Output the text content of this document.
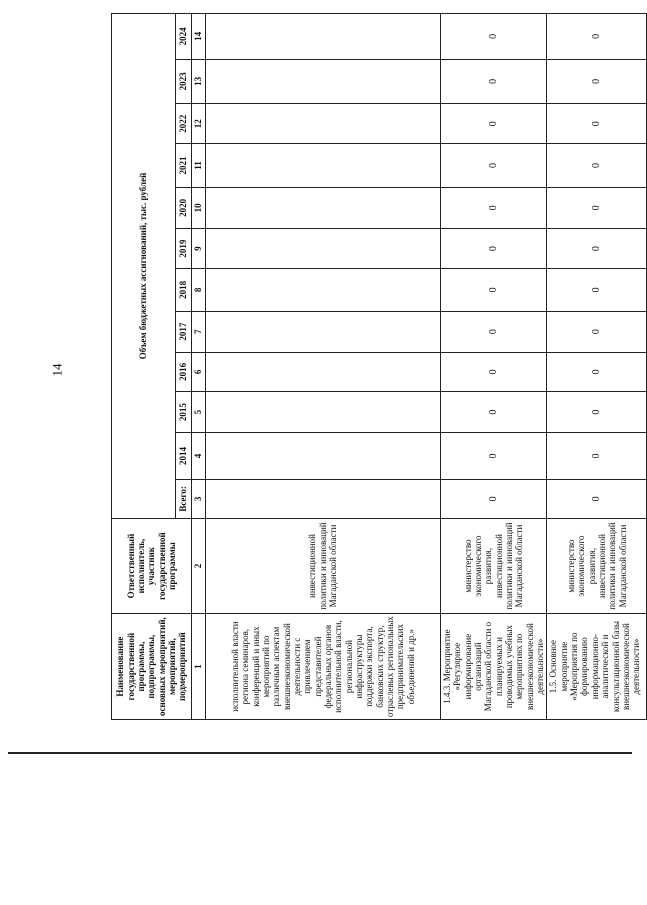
14
Наименование государственной программы, подпрограммы, основных мероприятий, мероприятий, подмероприятий	Ответственный исполнитель, участник государственной программы	Объем бюджетных ассигнований, тыс. рублей											
		Всего:	2014	2015	2016	2017	2018	2019	2020	2021	2022	2023	2024
1	2	3	4	5	6	7	8	9	10	11	12	13	14
исполнительной власти региона семинаров, конференций и иных мероприятий по различным аспектам внешнеэкономической деятельности с привлечением представителей федеральных органов исполнительной власти, региональной инфраструктуры поддержки экспорта, банковских структур, отраслевых региональных предпринимательских объединений и др.»	инвестиционной политики и инноваций Магаданской области												
1.4.3. Мероприятие «Регулярное информирование организаций Магаданской области о планируемых и проводимых учебных мероприятиях по внешнеэкономической деятельности»	министерство экономического развития, инвестиционной политики и инноваций Магаданской области	0	0	0	0	0	0	0	0	0	0	0	0
1.5. Основное мероприятие «Мероприятия по формированию информационно-аналитической и консультационной базы внешнеэкономической деятельности»	министерство экономического развития, инвестиционной политики и инноваций Магаданской области	0	0	0	0	0	0	0	0	0	0	0	0
